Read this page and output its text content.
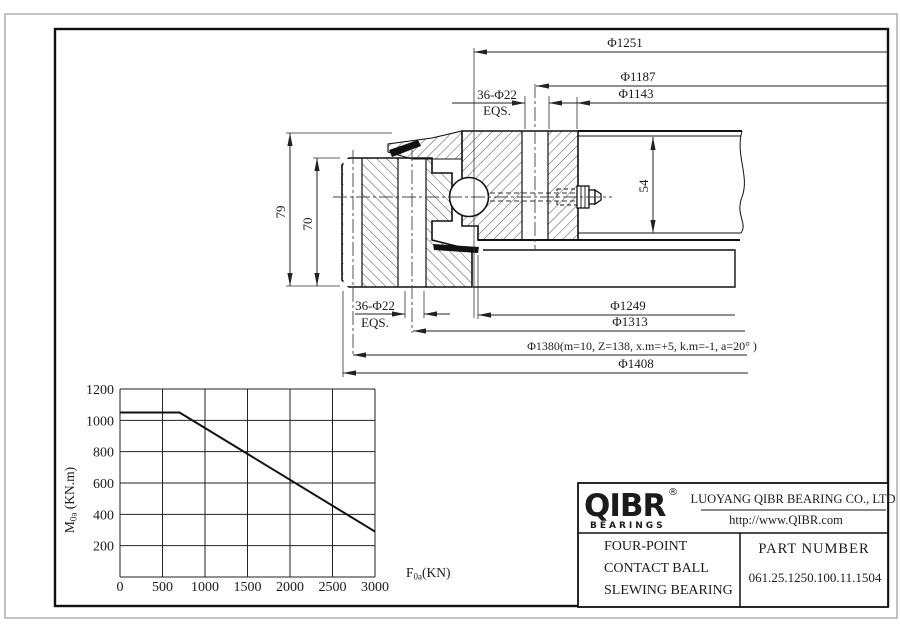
Φ1251
Φ1187
Φ1143
36-Φ22
EQS.
36-Φ22
EQS.
Φ1249
Φ1313
Φ1380(m=10, Z=138, x.m=+5, k.m=-1, a=20° )
Φ1408
79
70
54
0 500 1000 1500 2000 2500 3000
200
400
600
800
1000
1200
M0a (KN.m)
F0a(KN)
QIBR ®
BEARINGS
LUOYANG QIBR BEARING CO., LTD
http://www.QIBR.com
FOUR-POINT
CONTACT BALL
SLEWING BEARING
PART NUMBER
061.25.1250.100.11.1504
